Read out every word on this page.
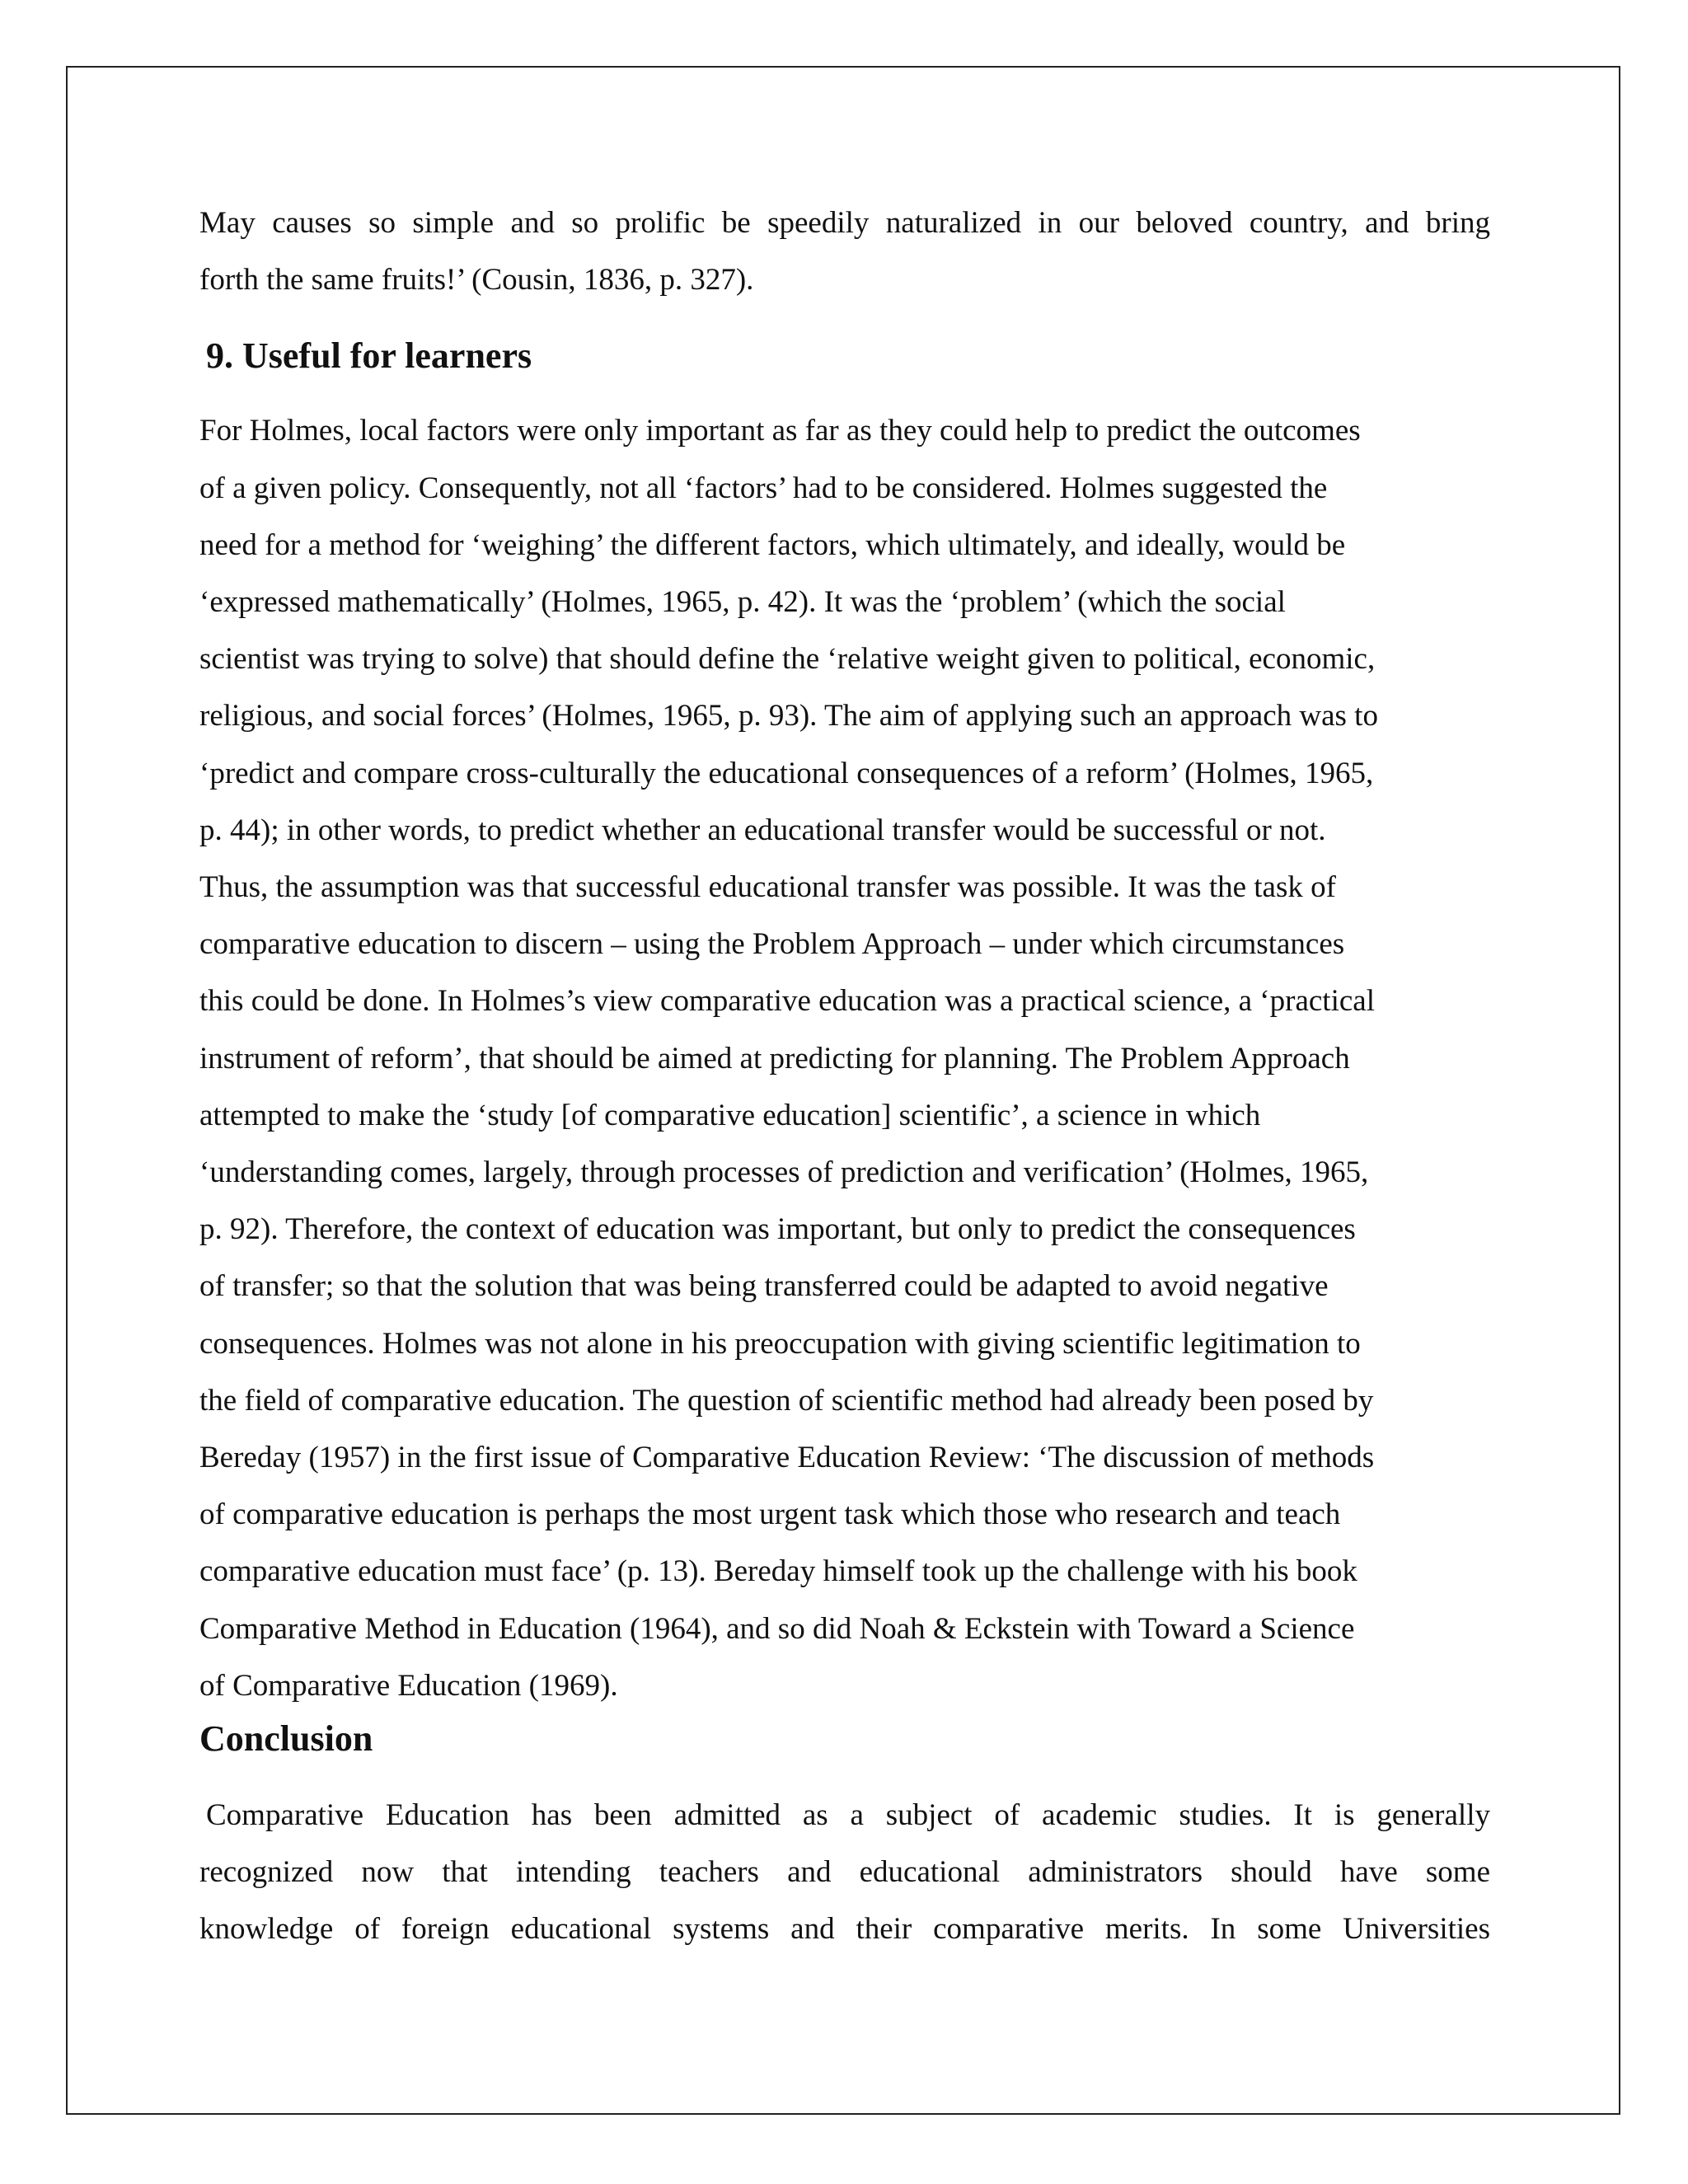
May causes so simple and so prolific be speedily naturalized in our beloved country, and bring
forth the same fruits!’ (Cousin, 1836, p. 327).

9. Useful for learners

For Holmes, local factors were only important as far as they could help to predict the outcomes
of a given policy. Consequently, not all ‘factors’ had to be considered. Holmes suggested the
need for a method for ‘weighing’ the different factors, which ultimately, and ideally, would be
‘expressed mathematically’ (Holmes, 1965, p. 42). It was the ‘problem’ (which the social
scientist was trying to solve) that should define the ‘relative weight given to political, economic,
religious, and social forces’ (Holmes, 1965, p. 93). The aim of applying such an approach was to
‘predict and compare cross-culturally the educational consequences of a reform’ (Holmes, 1965,
p. 44); in other words, to predict whether an educational transfer would be successful or not.
Thus, the assumption was that successful educational transfer was possible. It was the task of
comparative education to discern – using the Problem Approach – under which circumstances
this could be done. In Holmes’s view comparative education was a practical science, a ‘practical
instrument of reform’, that should be aimed at predicting for planning. The Problem Approach
attempted to make the ‘study [of comparative education] scientific’, a science in which
‘understanding comes, largely, through processes of prediction and verification’ (Holmes, 1965,
p. 92). Therefore, the context of education was important, but only to predict the consequences
of transfer; so that the solution that was being transferred could be adapted to avoid negative
consequences. Holmes was not alone in his preoccupation with giving scientific legitimation to
the field of comparative education. The question of scientific method had already been posed by
Bereday (1957) in the first issue of Comparative Education Review: ‘The discussion of methods
of comparative education is perhaps the most urgent task which those who research and teach
comparative education must face’ (p. 13). Bereday himself took up the challenge with his book
Comparative Method in Education (1964), and so did Noah & Eckstein with Toward a Science
of Comparative Education (1969).

Conclusion

Comparative Education has been admitted as a subject of academic studies. It is generally
recognized now that intending teachers and educational administrators should have some
knowledge of foreign educational systems and their comparative merits. In some Universities
